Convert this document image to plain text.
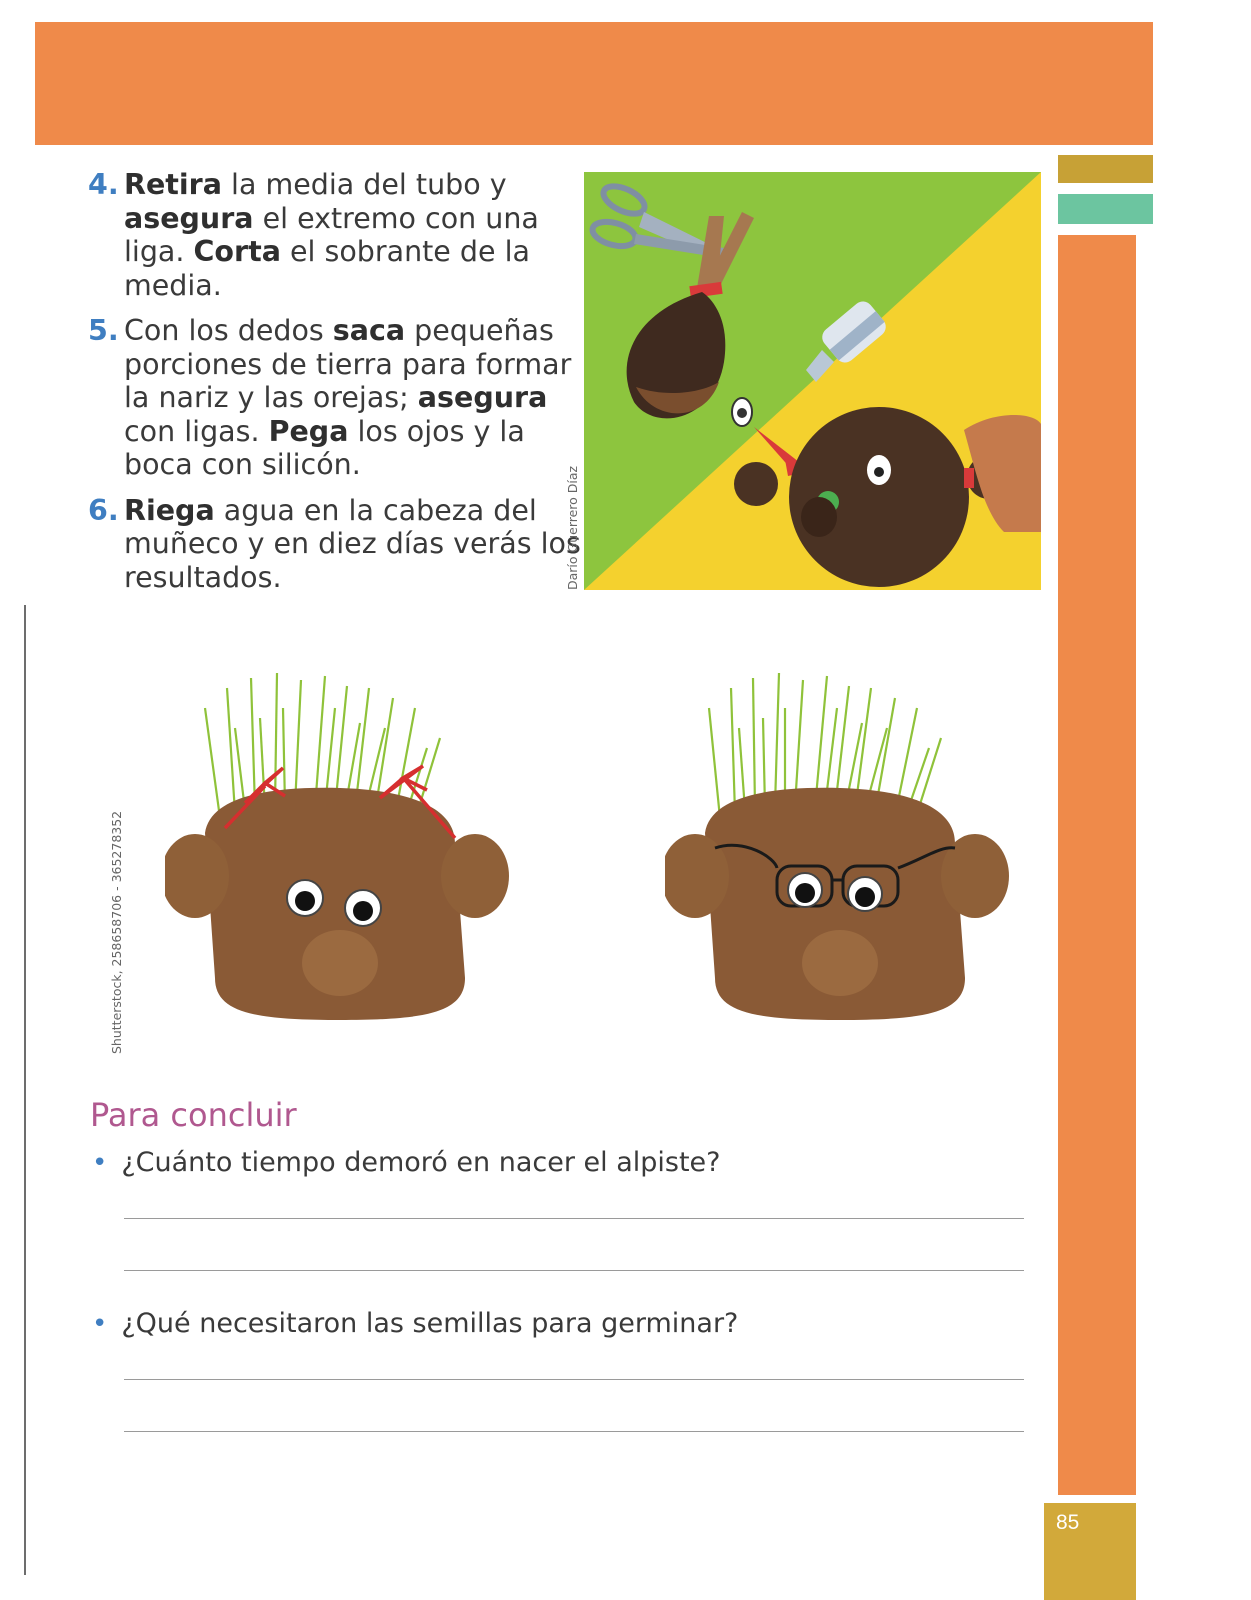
4. Retira la media del tubo y asegura el extremo con una liga. Corta el sobrante de la media.
5. Con los dedos saca pequeñas porciones de tierra para formar la nariz y las orejas; asegura con ligas. Pega los ojos y la boca con silicón.
6. Riega agua en la cabeza del muñeco y en diez días verás los resultados.	Darío Guerrero Díaz
Shutterstock, 258658706 - 365278352
Para concluir
• ¿Cuánto tiempo demoró en nacer el alpiste?
• ¿Qué necesitaron las semillas para germinar?
85
